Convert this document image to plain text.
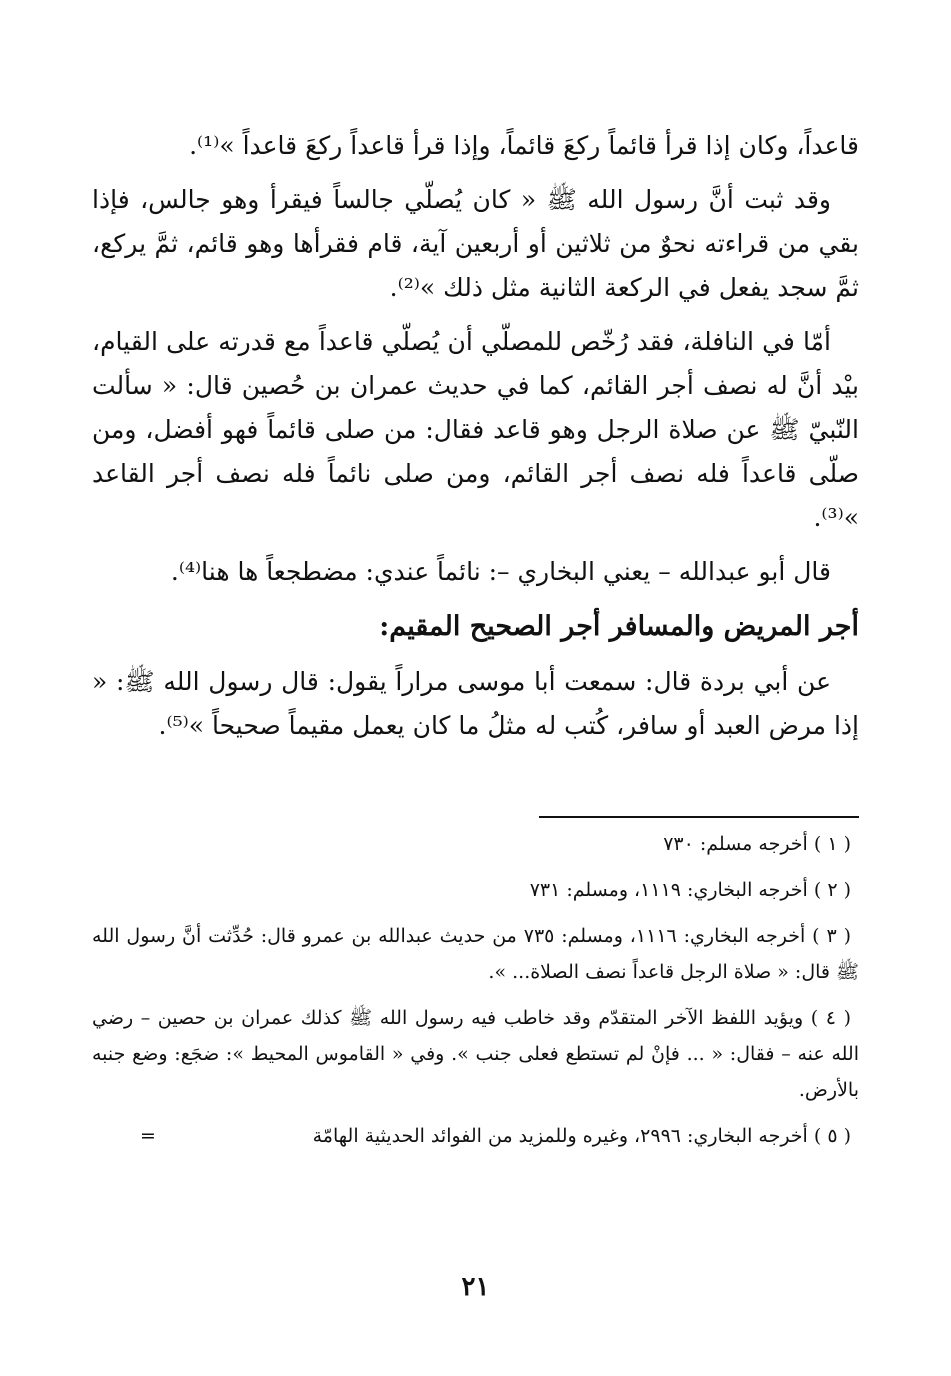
قاعداً، وكان إذا قرأ قائماً ركعَ قائماً، وإذا قرأ قاعداً ركعَ قاعداً »⁽¹⁾.

وقد ثبت أنَّ رسول الله ﷺ « كان يُصلّي جالساً فيقرأ وهو جالس، فإذا بقي من قراءته نحوٌ من ثلاثين أو أربعين آية، قام فقرأها وهو قائم، ثمَّ يركع، ثمَّ سجد يفعل في الركعة الثانية مثل ذلك »⁽²⁾.

أمّا في النافلة، فقد رُخّص للمصلّي أن يُصلّي قاعداً مع قدرته على القيام، بيْد أنَّ له نصف أجر القائم، كما في حديث عمران بن حُصين قال: « سألت النّبيّ ﷺ عن صلاة الرجل وهو قاعد فقال: من صلى قائماً فهو أفضل، ومن صلّى قاعداً فله نصف أجر القائم، ومن صلى نائماً فله نصف أجر القاعد »⁽³⁾.

قال أبو عبدالله – يعني البخاري –: نائماً عندي: مضطجعاً ها هنا⁽⁴⁾.

أجر المريض والمسافر أجر الصحيح المقيم:

عن أبي بردة قال: سمعت أبا موسى مراراً يقول: قال رسول الله ﷺ: « إذا مرض العبد أو سافر، كُتب له مثلُ ما كان يعمل مقيماً صحيحاً »⁽⁵⁾.

( ١ ) أخرجه مسلم: ٧٣٠

( ٢ ) أخرجه البخاري: ١١١٩، ومسلم: ٧٣١

( ٣ ) أخرجه البخاري: ١١١٦، ومسلم: ٧٣٥ من حديث عبدالله بن عمرو قال: حُدِّثت أنَّ رسول الله ﷺ قال: « صلاة الرجل قاعداً نصف الصلاة... ».

( ٤ ) ويؤيد اللفظ الآخر المتقدّم وقد خاطب فيه رسول الله ﷺ كذلك عمران بن حصين – رضي الله عنه – فقال: « ... فإنْ لم تستطع فعلى جنب ». وفي « القاموس المحيط »: ضجَع: وضع جنبه بالأرض.

( ٥ ) أخرجه البخاري: ٢٩٩٦، وغيره وللمزيد من الفوائد الحديثية الهامّة
=

٢١
